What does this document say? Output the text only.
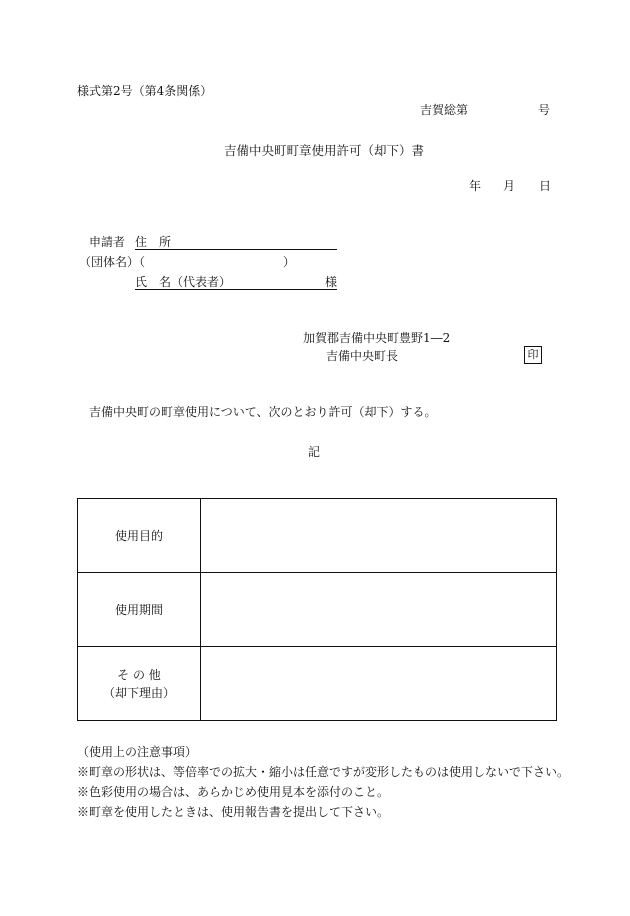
様式第2号（第4条関係）
吉賀総第	号
吉備中央町町章使用許可（却下）書
年 月 日
申請者 住　所
（団体名）（	）
氏　名（代表者）	様
加賀郡吉備中央町豊野1―2
吉備中央町長	印
吉備中央町の町章使用について、次のとおり許可（却下）する。
記
使用目的	
使用期間	

そ の 他
（却下理由）	

（使用上の注意事項）
※町章の形状は、等倍率での拡大・縮小は任意ですが変形したものは使用しないで下さい。
※色彩使用の場合は、あらかじめ使用見本を添付のこと。
※町章を使用したときは、使用報告書を提出して下さい。
